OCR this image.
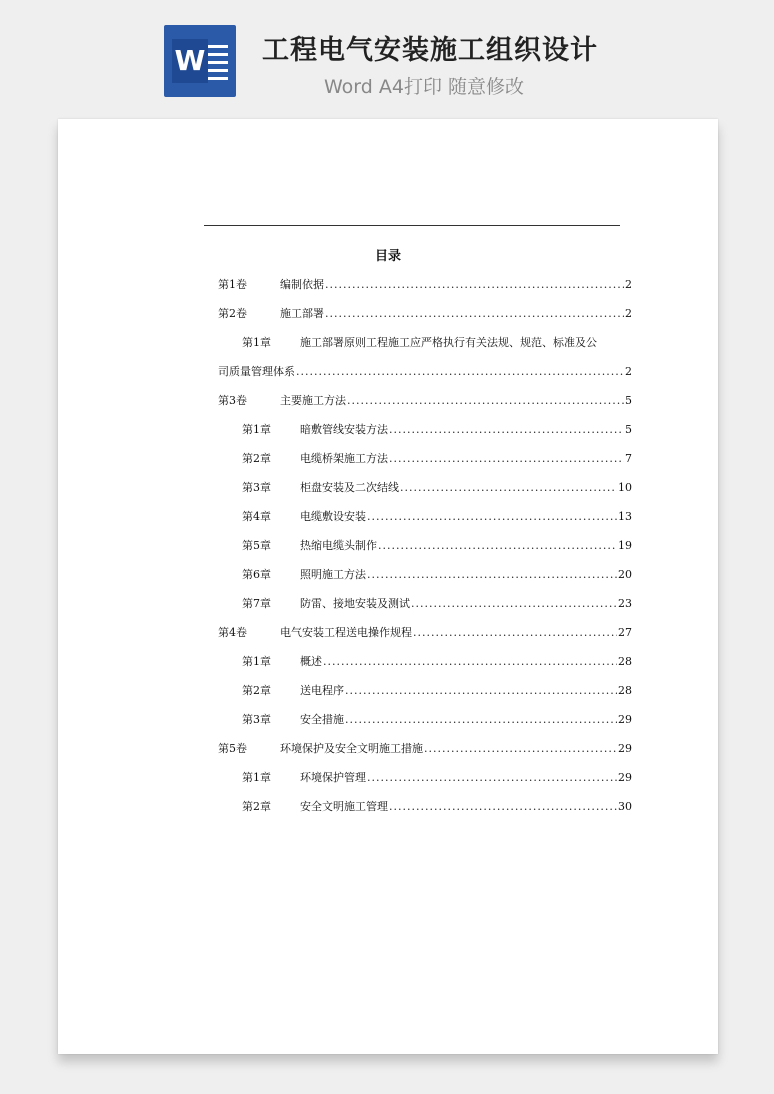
W 工程电气安装施工组织设计
Word A4打印 随意修改
目录
第1卷	编制依据 .....	2
第2卷	施工部署 .....	2
第1章	施工部署原则工程施工应严格执行有关法规、规范、标准及公
司质量管理体系 .....	2
第3卷	主要施工方法 .....	5
第1章	暗敷管线安装方法 .....	5
第2章	电缆桥架施工方法 .....	7
第3章	柜盘安装及二次结线 .....	10
第4章	电缆敷设安装 .....	13
第5章	热缩电缆头制作 .....	19
第6章	照明施工方法 .....	20
第7章	防雷、接地安装及测试 .....	23
第4卷	电气安装工程送电操作规程 .....	27
第1章	概述 .....	28
第2章	送电程序 .....	28
第3章	安全措施 .....	29
第5卷	环境保护及安全文明施工措施 .....	29
第1章	环境保护管理 .....	29
第2章	安全文明施工管理 .....	30
